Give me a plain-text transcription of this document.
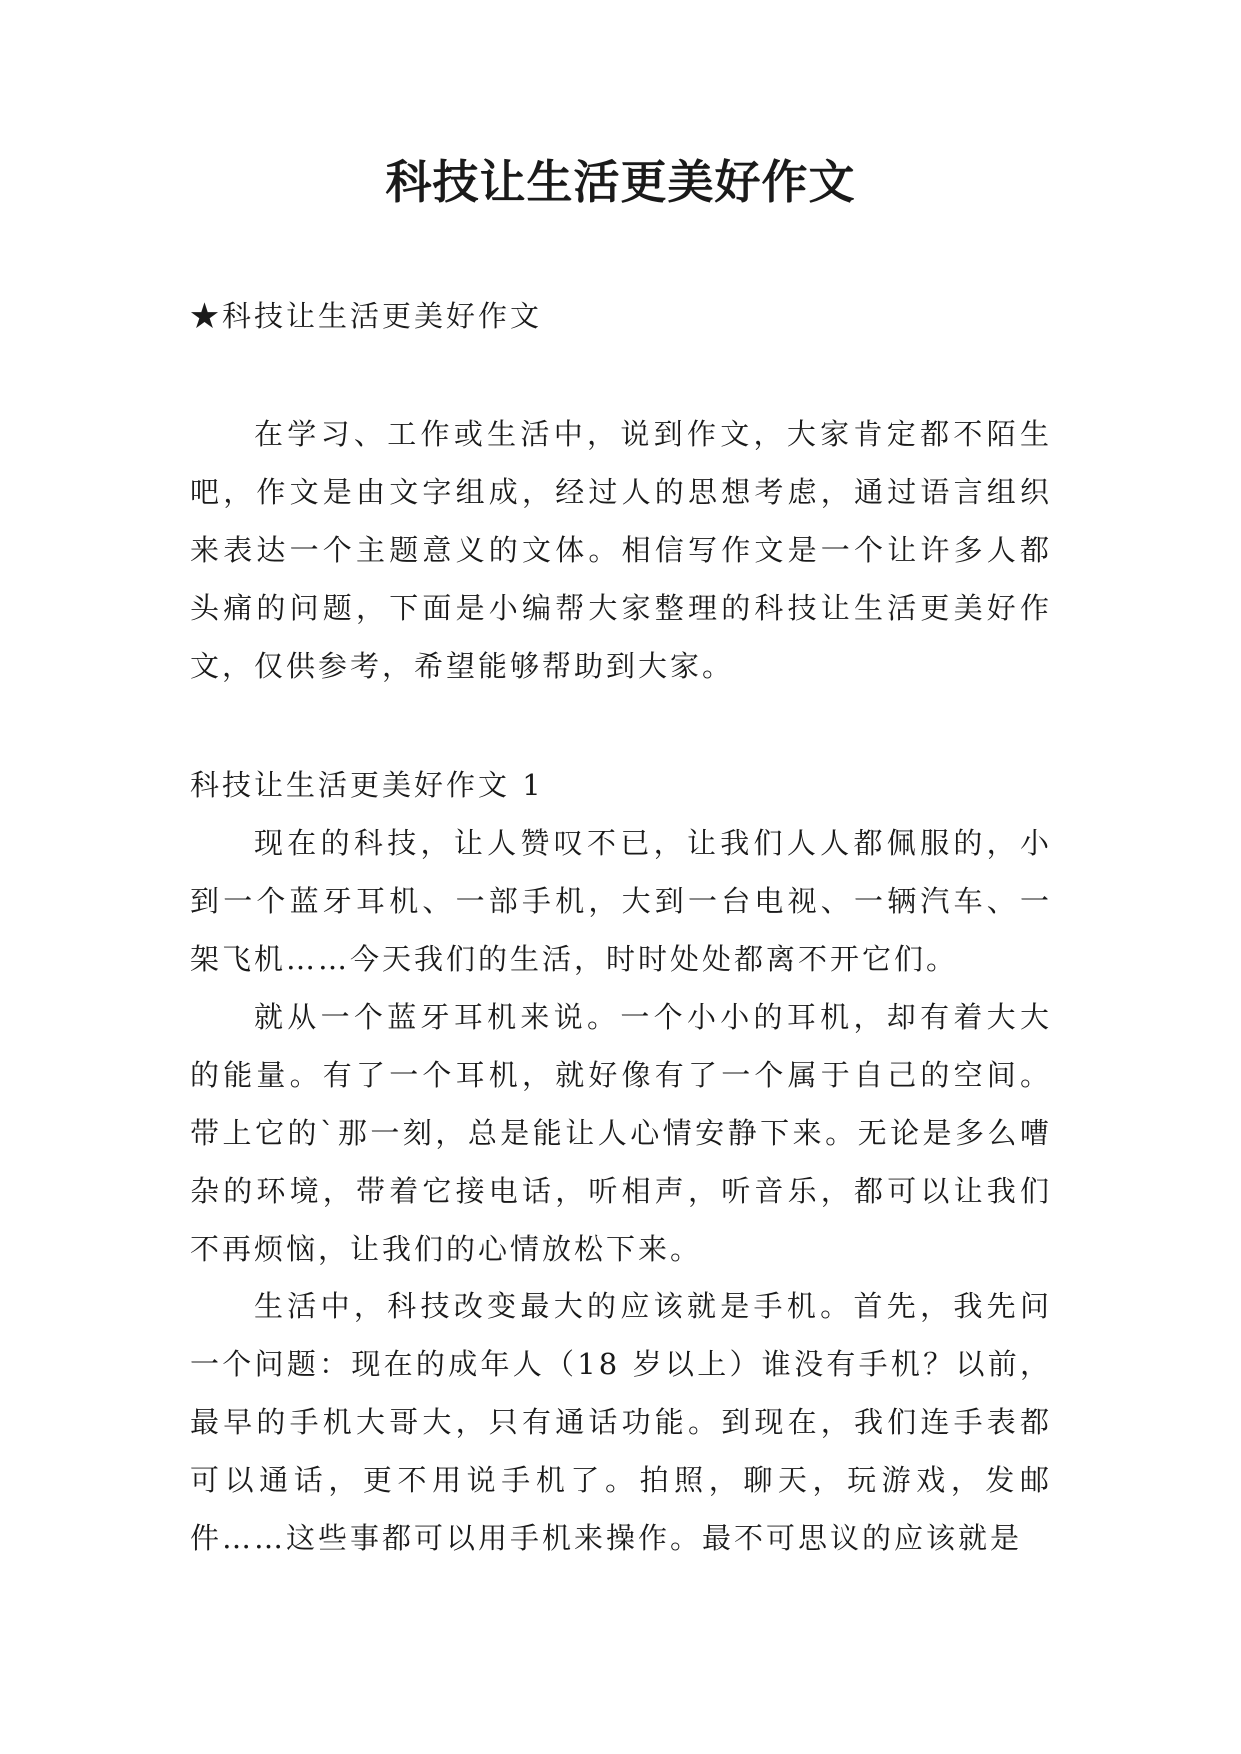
科技让生活更美好作文

★科技让生活更美好作文

在学习、工作或生活中，说到作文，大家肯定都不陌生吧，作文是由文字组成，经过人的思想考虑，通过语言组织来表达一个主题意义的文体。相信写作文是一个让许多人都头痛的问题，下面是小编帮大家整理的科技让生活更美好作文，仅供参考，希望能够帮助到大家。

科技让生活更美好作文 1

现在的科技，让人赞叹不已，让我们人人都佩服的，小到一个蓝牙耳机、一部手机，大到一台电视、一辆汽车、一架飞机……今天我们的生活，时时处处都离不开它们。

就从一个蓝牙耳机来说。一个小小的耳机，却有着大大的能量。有了一个耳机，就好像有了一个属于自己的空间。带上它的`那一刻，总是能让人心情安静下来。无论是多么嘈杂的环境，带着它接电话，听相声，听音乐，都可以让我们不再烦恼，让我们的心情放松下来。

生活中，科技改变最大的应该就是手机。首先，我先问一个问题：现在的成年人（18 岁以上）谁没有手机？以前，最早的手机大哥大，只有通话功能。到现在，我们连手表都可以通话，更不用说手机了。拍照，聊天，玩游戏，发邮件……这些事都可以用手机来操作。最不可思议的应该就是
